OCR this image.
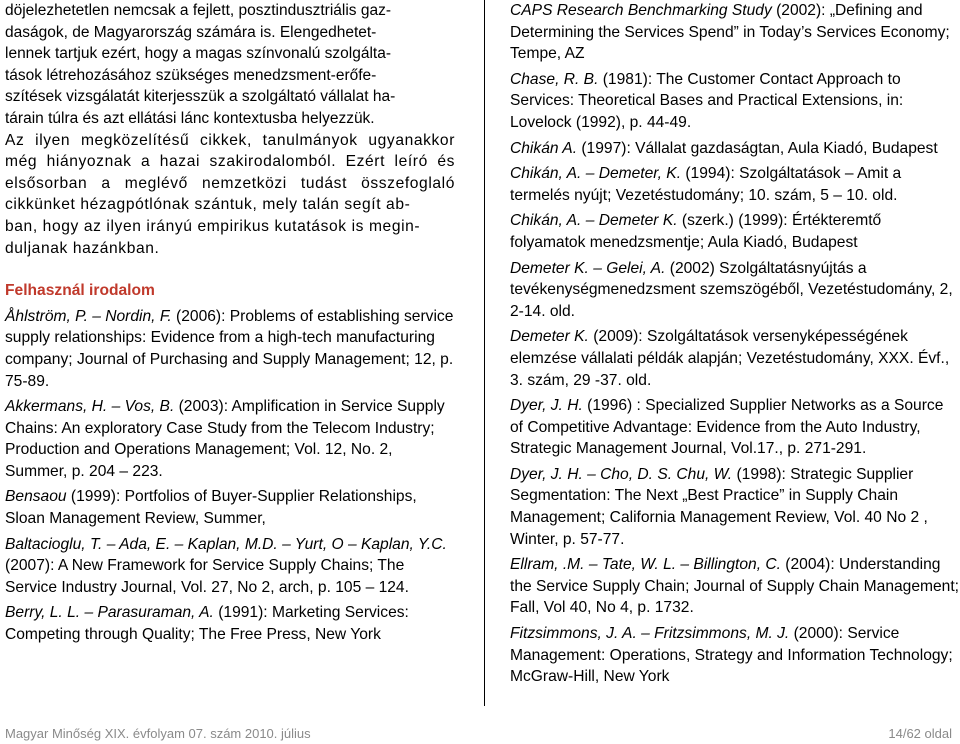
döjelezhetetlen nemcsak a fejlett, posztindusztriális gaz-
daságok, de Magyarország számára is. Elengedhetet-
lennek tartjuk ezért, hogy a magas színvonalú szolgálta-
tások létrehozásához szükséges menedzsment-erőfe-
szítések vizsgálatát kiterjesszük a szolgáltató vállalat ha-
tárain túlra és azt ellátási lánc kontextusba helyezzük.
Az ilyen megközelítésű cikkek, tanulmányok ugyanakkor még hiányoznak a hazai szakirodalomból. Ezért leíró és elsősorban a meglévő nemzetközi tudást összefoglaló cikkünket hézagpótlónak szántuk, mely talán segít ab-
ban, hogy az ilyen irányú empirikus kutatások is megin-
duljanak hazánkban.
Felhasznál irodalom
Åhlström, P. – Nordin, F. (2006): Problems of establishing service supply relationships: Evidence from a high-tech manufacturing company; Journal of Purchasing and Supply Management; 12, p. 75-89.
Akkermans, H. – Vos, B. (2003): Amplification in Service Supply Chains: An exploratory Case Study from the Telecom Industry; Production and Operations Management; Vol. 12, No. 2, Summer, p. 204 – 223.
Bensaou (1999): Portfolios of Buyer-Supplier Relationships, Sloan Management Review, Summer,
Baltacioglu, T. – Ada, E. – Kaplan, M.D. – Yurt, O – Kaplan, Y.C. (2007): A New Framework for Service Supply Chains; The Service Industry Journal, Vol. 27, No 2, arch, p. 105 – 124.
Berry, L. L. – Parasuraman, A. (1991): Marketing Services: Competing through Quality; The Free Press, New York
CAPS Research Benchmarking Study (2002): „Defining and Determining the Services Spend” in Today’s Services Economy; Tempe, AZ
Chase, R. B. (1981): The Customer Contact Approach to Services: Theoretical Bases and Practical Extensions, in: Lovelock (1992), p. 44-49.
Chikán A. (1997): Vállalat gazdaságtan, Aula Kiadó, Budapest
Chikán, A. – Demeter, K. (1994): Szolgáltatások – Amit a termelés nyújt; Vezetéstudomány; 10. szám, 5 – 10. old.
Chikán, A. – Demeter K. (szerk.) (1999): Értékteremtő folyamatok menedzsmentje; Aula Kiadó, Budapest
Demeter K. – Gelei, A. (2002) Szolgáltatásnyújtás a tevékenységmenedzsment szemszögéből, Vezetéstudomány, 2, 2-14. old.
Demeter K. (2009): Szolgáltatások versenyképességének elemzése vállalati példák alapján; Vezetéstudomány, XXX. Évf., 3. szám, 29 -37. old.
Dyer, J. H. (1996) : Specialized Supplier Networks as a Source of Competitive Advantage: Evidence from the Auto Industry, Strategic Management Journal, Vol.17., p. 271-291.
Dyer, J. H. – Cho, D. S. Chu, W. (1998): Strategic Supplier Segmentation: The Next „Best Practice” in Supply Chain Management; California Management Review, Vol. 40 No 2 , Winter, p. 57-77.
Ellram, .M. – Tate, W. L. – Billington, C. (2004): Understanding the Service Supply Chain; Journal of Supply Chain Management; Fall, Vol 40, No 4, p. 1732.
Fitzsimmons, J. A. – Fritzsimmons, M. J. (2000): Service Management: Operations, Strategy and Information Technology; McGraw-Hill, New York
Magyar Minőség XIX. évfolyam 07. szám 2010. július	14/62 oldal
